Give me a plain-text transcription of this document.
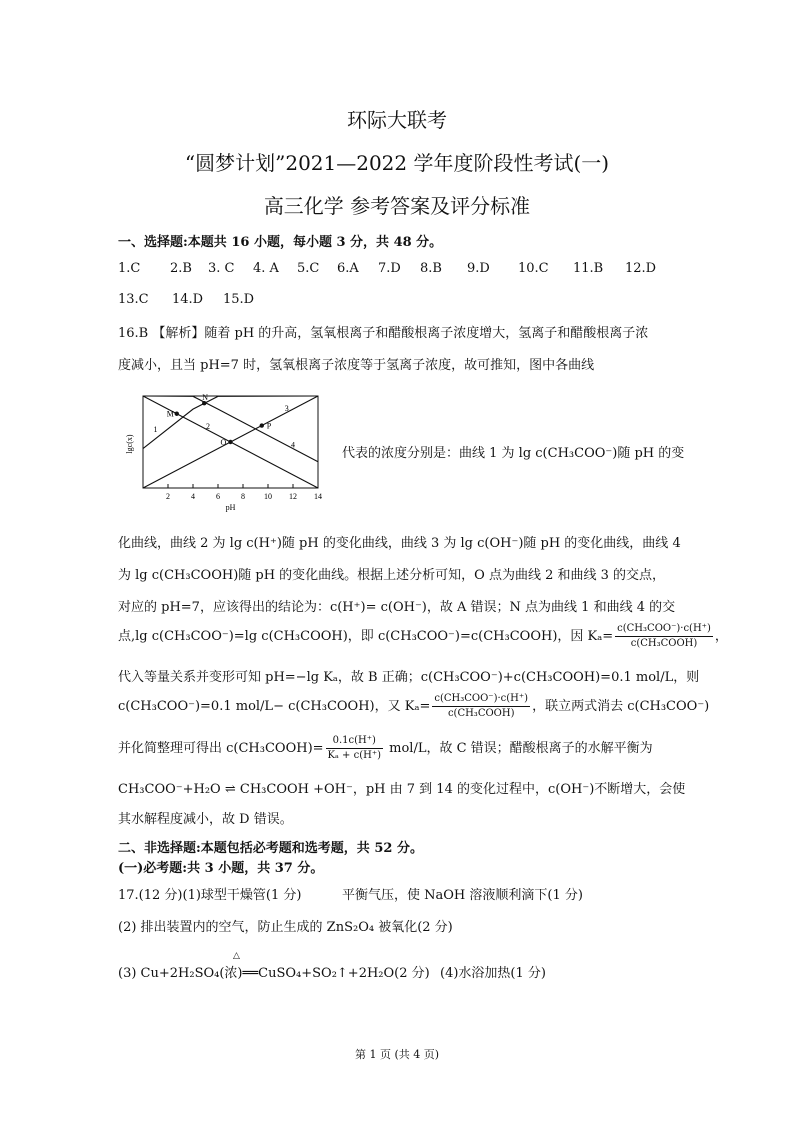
环际大联考
“圆梦计划”2021—2022 学年度阶段性考试(一)
高三化学 参考答案及评分标准
一、选择题:本题共 16 小题，每小题 3 分，共 48 分。
1.C 2.B 3. C 4. A 5.C 6.A 7.D 8.B 9.D 10.C 11.B 12.D
13.C 14.D 15.D
16.B 【解析】随着 pH 的升高，氢氧根离子和醋酸根离子浓度增大，氢离子和醋酸根离子浓
度减小，且当 pH=7 时，氢氧根离子浓度等于氢离子浓度，故可推知，图中各曲线
lgc(x)
pH
2	4	6	8 10 12 14
1	2
3
4
M
N
O
P
代表的浓度分别是：曲线 1 为 lg c(CH₃COO⁻)随 pH 的变
化曲线，曲线 2 为 lg c(H⁺)随 pH 的变化曲线，曲线 3 为 lg c(OH⁻)随 pH 的变化曲线，曲线 4
为 lg c(CH₃COOH)随 pH 的变化曲线。根据上述分析可知，O 点为曲线 2 和曲线 3 的交点，
对应的 pH=7，应该得出的结论为：c(H⁺)= c(OH⁻)，故 A 错误；N 点为曲线 1 和曲线 4 的交
点,lg c(CH₃COO⁻)=lg c(CH₃COOH)，即 c(CH₃COO⁻)=c(CH₃COOH)，因 $K_a= \frac{\text{c(CH₃COO⁻)·c(H⁺)}}{\text{c(CH₃COOH)}}$ ，
代入等量关系并变形可知 pH=−lg Kₐ，故 B 正确；c(CH₃COO⁻)+c(CH₃COOH)=0.1 mol/L，则
c(CH₃COO⁻)=0.1 mol/L− c(CH₃COOH)，又 $K_a= \frac{\text{c(CH₃COO⁻)·c(H⁺)}}{\text{c(CH₃COOH)}}$ ，联立两式消去 c(CH₃COO⁻)
并化简整理可得出 c(CH₃COOH)= $\frac{0.1c(H^+)}{\text{Kₐ + c(H⁺)}} mol/L$，故 C 错误；醋酸根离子的水解平衡为
CH₃COO⁻+H₂O ⇌ CH₃COOH +OH⁻，pH 由 7 到 14 的变化过程中，c(OH⁻)不断增大，会使
其水解程度减小，故 D 错误。
二、非选择题:本题包括必考题和选考题，共 52 分。
(一)必考题:共 3 小题，共 37 分。
17.(12 分)(1)球型干燥管(1 分)	平衡气压，使 NaOH 溶液顺利滴下(1 分)
(2) 排出装置内的空气，防止生成的 ZnS₂O₄ 被氧化(2 分)
△
(3) Cu+2H₂SO₄(浓)══CuSO₄+SO₂↑+2H₂O(2 分) (4)水浴加热(1 分)
第 1 页 (共 4 页)
